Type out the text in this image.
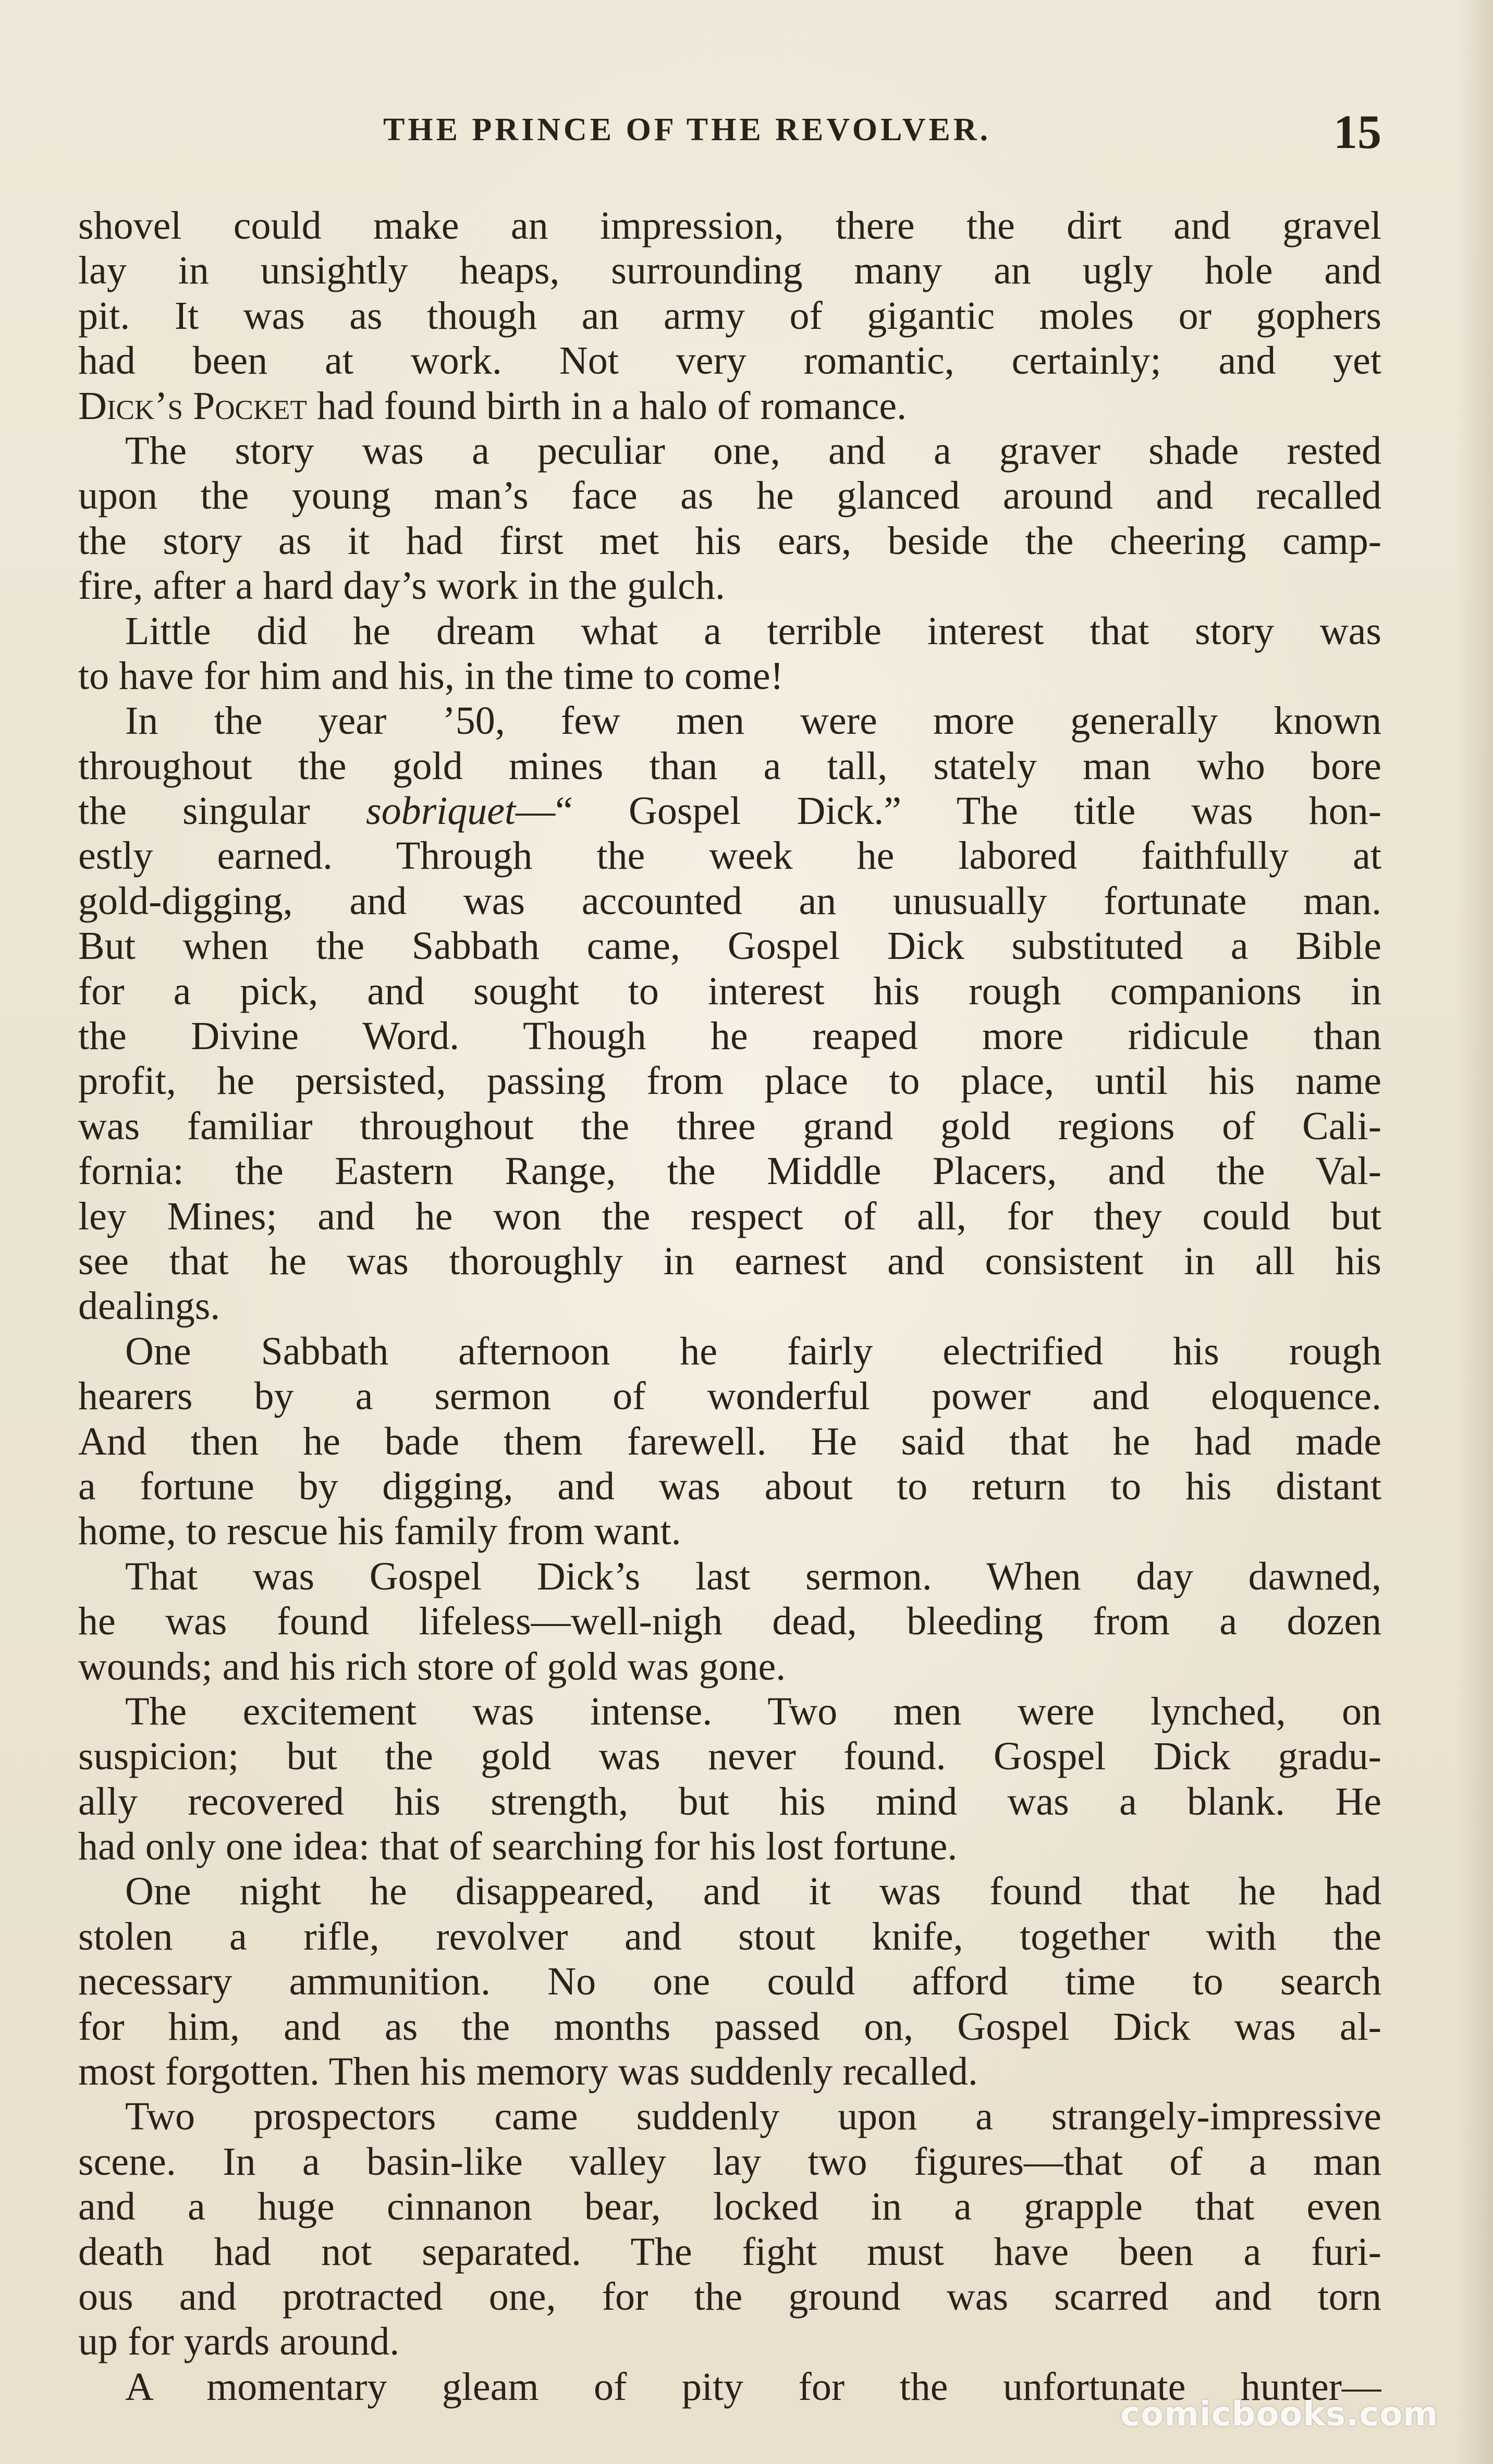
THE PRINCE OF THE REVOLVER.	15
shovel could make an impression, there the dirt and gravel
lay in unsightly heaps, surrounding many an ugly hole and
pit. It was as though an army of gigantic moles or gophers
had been at work. Not very romantic, certainly; and yet
Dick’s Pocket had found birth in a halo of romance.
The story was a peculiar one, and a graver shade rested
upon the young man’s face as he glanced around and recalled
the story as it had first met his ears, beside the cheering camp-
fire, after a hard day’s work in the gulch.
Little did he dream what a terrible interest that story was
to have for him and his, in the time to come!
In the year ’50, few men were more generally known
throughout the gold mines than a tall, stately man who bore
the singular sobriquet—“ Gospel Dick.” The title was hon-
estly earned. Through the week he labored faithfully at
gold-digging, and was accounted an unusually fortunate man.
But when the Sabbath came, Gospel Dick substituted a Bible
for a pick, and sought to interest his rough companions in
the Divine Word. Though he reaped more ridicule than
profit, he persisted, passing from place to place, until his name
was familiar throughout the three grand gold regions of Cali-
fornia: the Eastern Range, the Middle Placers, and the Val-
ley Mines; and he won the respect of all, for they could but
see that he was thoroughly in earnest and consistent in all his
dealings.
One Sabbath afternoon he fairly electrified his rough
hearers by a sermon of wonderful power and eloquence.
And then he bade them farewell. He said that he had made
a fortune by digging, and was about to return to his distant
home, to rescue his family from want.
That was Gospel Dick’s last sermon. When day dawned,
he was found lifeless—well-nigh dead, bleeding from a dozen
wounds; and his rich store of gold was gone.
The excitement was intense. Two men were lynched, on
suspicion; but the gold was never found. Gospel Dick gradu-
ally recovered his strength, but his mind was a blank. He
had only one idea: that of searching for his lost fortune.
One night he disappeared, and it was found that he had
stolen a rifle, revolver and stout knife, together with the
necessary ammunition. No one could afford time to search
for him, and as the months passed on, Gospel Dick was al-
most forgotten. Then his memory was suddenly recalled.
Two prospectors came suddenly upon a strangely-impressive
scene. In a basin-like valley lay two figures—that of a man
and a huge cinnanon bear, locked in a grapple that even
death had not separated. The fight must have been a furi-
ous and protracted one, for the ground was scarred and torn
up for yards around.
A momentary gleam of pity for the unfortunate hunter—
comicbooks.com
